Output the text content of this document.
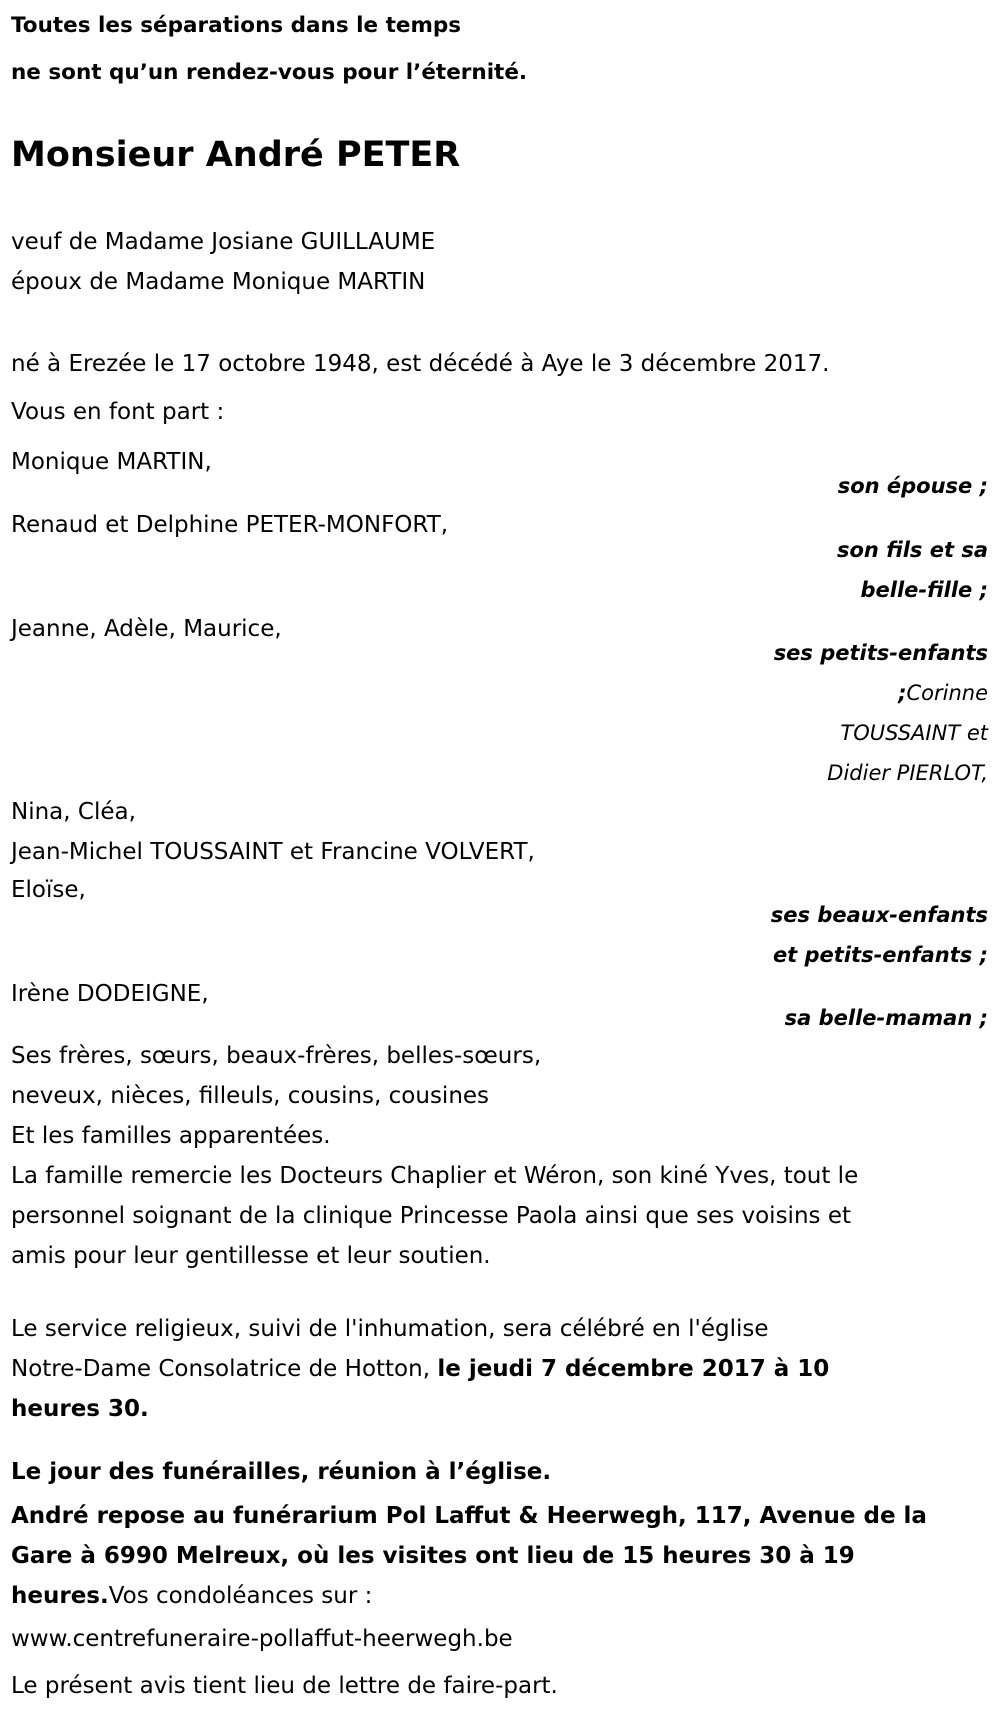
Toutes les séparations dans le temps
ne sont qu’un rendez-vous pour l’éternité.
Monsieur André PETER
veuf de Madame Josiane GUILLAUME
époux de Madame Monique MARTIN
né à Erezée le 17 octobre 1948, est décédé à Aye le 3 décembre 2017.
Vous en font part :
Monique MARTIN,
son épouse ;
Renaud et Delphine PETER-MONFORT,
son fils et sa
belle-fille ;
Jeanne, Adèle, Maurice,
ses petits-enfants
;Corinne
TOUSSAINT et
Didier PIERLOT,
Nina, Cléa,
Jean-Michel TOUSSAINT et Francine VOLVERT,
Eloïse,
ses beaux-enfants
et petits-enfants ;
Irène DODEIGNE,
sa belle-maman ;
Ses frères, sœurs, beaux-frères, belles-sœurs,
neveux, nièces, filleuls, cousins, cousines
Et les familles apparentées.
La famille remercie les Docteurs Chaplier et Wéron, son kiné Yves, tout le
personnel soignant de la clinique Princesse Paola ainsi que ses voisins et
amis pour leur gentillesse et leur soutien.
Le service religieux, suivi de l'inhumation, sera célébré en l'église
Notre-Dame Consolatrice de Hotton, le jeudi 7 décembre 2017 à 10
heures 30.
Le jour des funérailles, réunion à l’église.
André repose au funérarium Pol Laffut & Heerwegh, 117, Avenue de la
Gare à 6990 Melreux, où les visites ont lieu de 15 heures 30 à 19
heures.Vos condoléances sur :
www.centrefuneraire-pollaffut-heerwegh.be
Le présent avis tient lieu de lettre de faire-part.
